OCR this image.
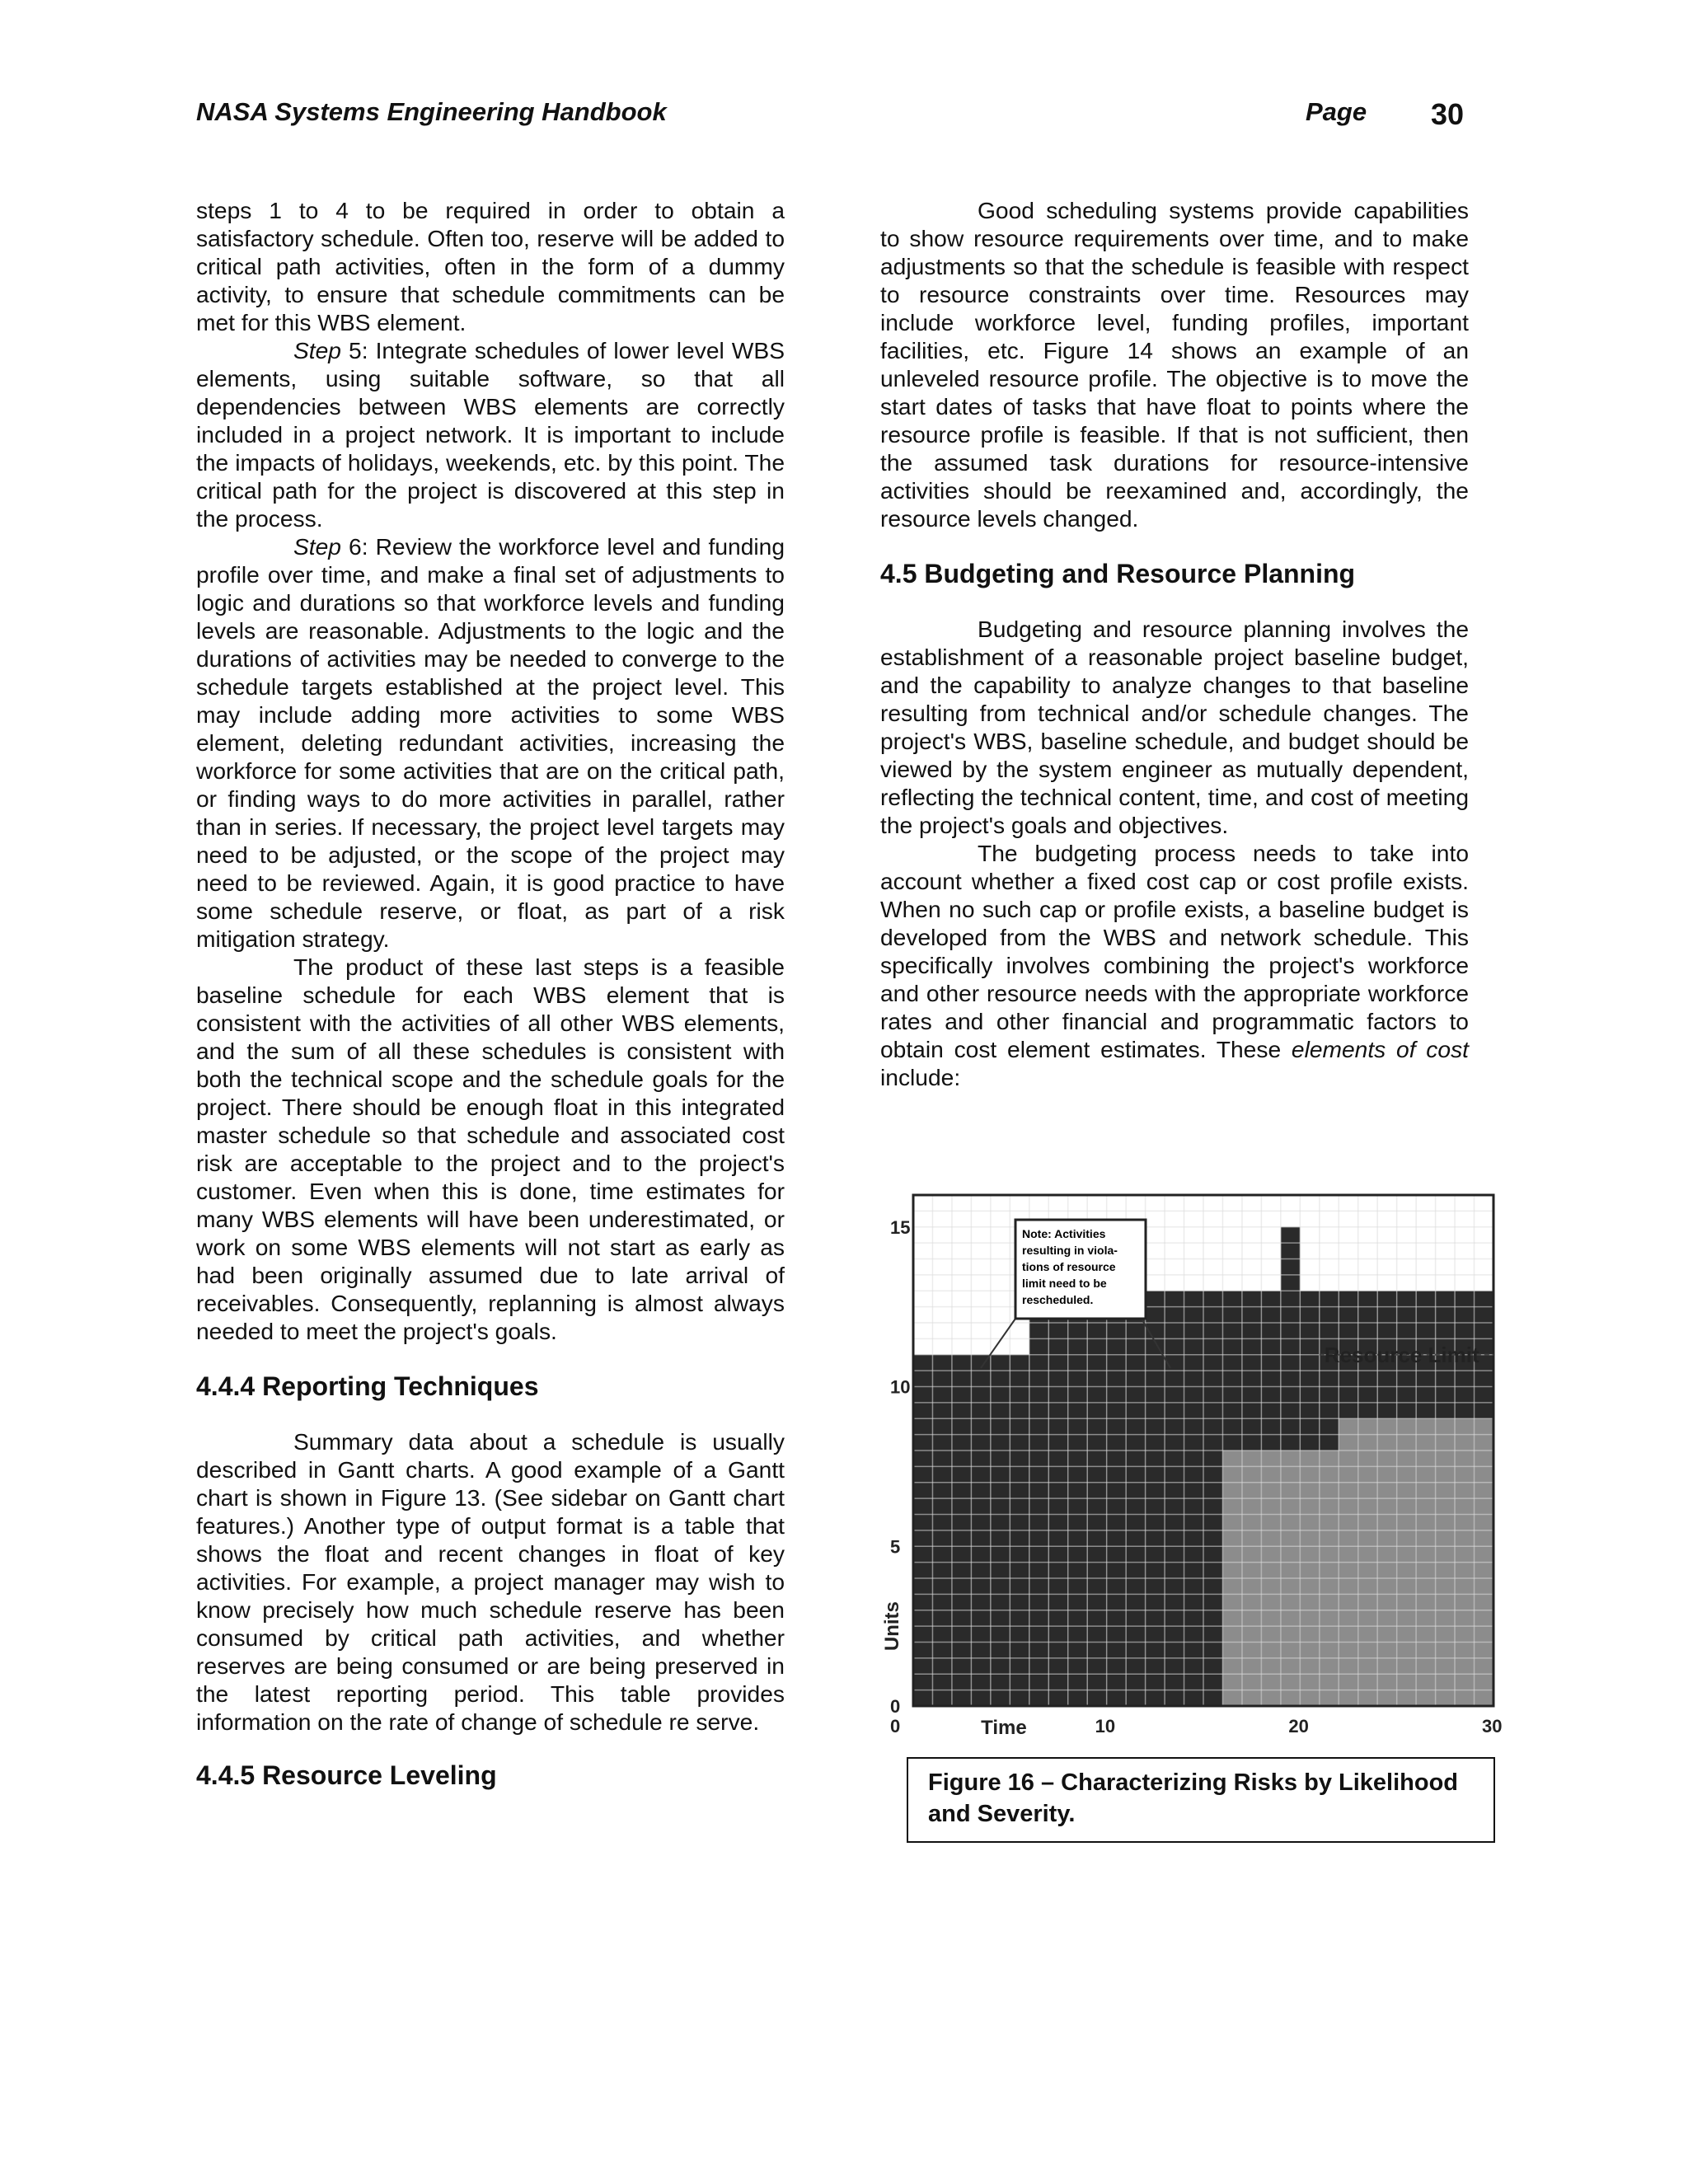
NASA Systems Engineering Handbook	Page 30

steps 1 to 4 to be required in order to obtain a satisfactory schedule. Often too, reserve will be added to critical path activities, often in the form of a dummy activity, to ensure that schedule commitments can be met for this WBS element.

Step 5: Integrate schedules of lower level WBS elements, using suitable software, so that all dependencies between WBS elements are correctly included in a project network. It is important to include the impacts of holidays, weekends, etc. by this point. The critical path for the project is discovered at this step in the process.

Step 6: Review the workforce level and funding profile over time, and make a final set of adjustments to logic and durations so that workforce levels and funding levels are reasonable. Adjustments to the logic and the durations of activities may be needed to converge to the schedule targets established at the project level. This may include adding more activities to some WBS element, deleting redundant activities, increasing the workforce for some activities that are on the critical path, or finding ways to do more activities in parallel, rather than in series. If necessary, the project level targets may need to be adjusted, or the scope of the project may need to be reviewed. Again, it is good practice to have some schedule reserve, or float, as part of a risk mitigation strategy.

The product of these last steps is a feasible baseline schedule for each WBS element that is consistent with the activities of all other WBS elements, and the sum of all these schedules is consistent with both the technical scope and the schedule goals for the project. There should be enough float in this integrated master schedule so that schedule and associated cost risk are acceptable to the project and to the project's customer. Even when this is done, time estimates for many WBS elements will have been underestimated, or work on some WBS elements will not start as early as had been originally assumed due to late arrival of receivables. Consequently, replanning is almost always needed to meet the project's goals.

4.4.4 Reporting Techniques

Summary data about a schedule is usually described in Gantt charts. A good example of a Gantt chart is shown in Figure 13. (See sidebar on Gantt chart features.) Another type of output format is a table that shows the float and recent changes in float of key activities. For example, a project manager may wish to know precisely how much schedule reserve has been consumed by critical path activities, and whether reserves are being consumed or are being preserved in the latest reporting period. This table provides information on the rate of change of schedule re serve.

4.4.5 Resource Leveling

Good scheduling systems provide capabilities to show resource requirements over time, and to make adjustments so that the schedule is feasible with respect to resource constraints over time. Resources may include workforce level, funding profiles, important facilities, etc. Figure 14 shows an example of an unleveled resource profile. The objective is to move the start dates of tasks that have float to points where the resource profile is feasible. If that is not sufficient, then the assumed task durations for resource-intensive activities should be reexamined and, accordingly, the resource levels changed.

4.5 Budgeting and Resource Planning

Budgeting and resource planning involves the establishment of a reasonable project baseline budget, and the capability to analyze changes to that baseline resulting from technical and/or schedule changes. The project's WBS, baseline schedule, and budget should be viewed by the system engineer as mutually dependent, reflecting the technical content, time, and cost of meeting the project's goals and objectives.

The budgeting process needs to take into account whether a fixed cost cap or cost profile exists. When no such cap or profile exists, a baseline budget is developed from the WBS and network schedule. This specifically involves combining the project's workforce and other resource needs with the appropriate workforce rates and other financial and programmatic factors to obtain cost element estimates. These elements of cost include:

0
5
10
15
0	10	20	30
Resource Limit
Units
Time
Note: Activities
resulting in viola-
tions of resource
limit need to be
rescheduled.
Figure 16 – Characterizing Risks by Likelihood and Severity.
